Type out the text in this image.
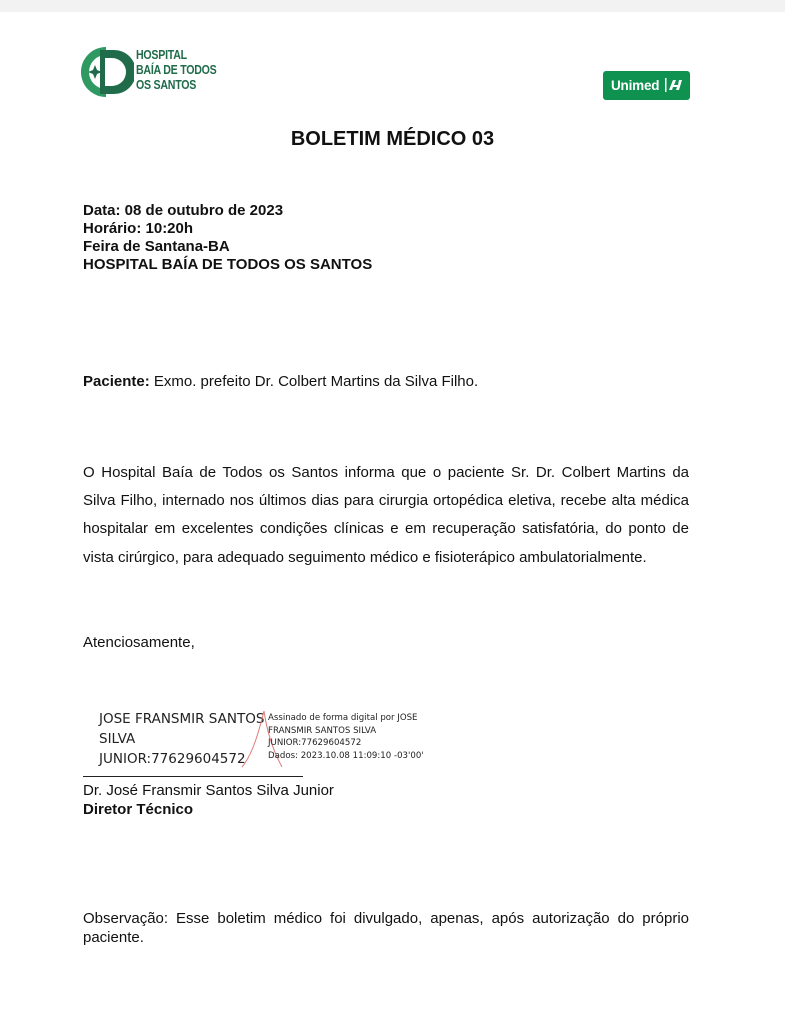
HOSPITAL
BAÍA DE TODOS
OS SANTOS	Unimed
BOLETIM MÉDICO 03
Data: 08 de outubro de 2023
Horário: 10:20h
Feira de Santana-BA
HOSPITAL BAÍA DE TODOS OS SANTOS
Paciente: Exmo. prefeito Dr. Colbert Martins da Silva Filho.
O Hospital Baía de Todos os Santos informa que o paciente Sr. Dr. Colbert Martins da Silva Filho, internado nos últimos dias para cirurgia ortopédica eletiva, recebe alta médica hospitalar em excelentes condições clínicas e em recuperação satisfatória, do ponto de vista cirúrgico, para adequado seguimento médico e fisioterápico ambulatorialmente.
Atenciosamente,
JOSE FRANSMIR SANTOS
SILVA
JUNIOR:77629604572
Assinado de forma digital por JOSE
FRANSMIR SANTOS SILVA
JUNIOR:77629604572
Dados: 2023.10.08 11:09:10 -03'00'
Dr. José Fransmir Santos Silva Junior
Diretor Técnico
Observação: Esse boletim médico foi divulgado, apenas, após autorização do próprio paciente.
